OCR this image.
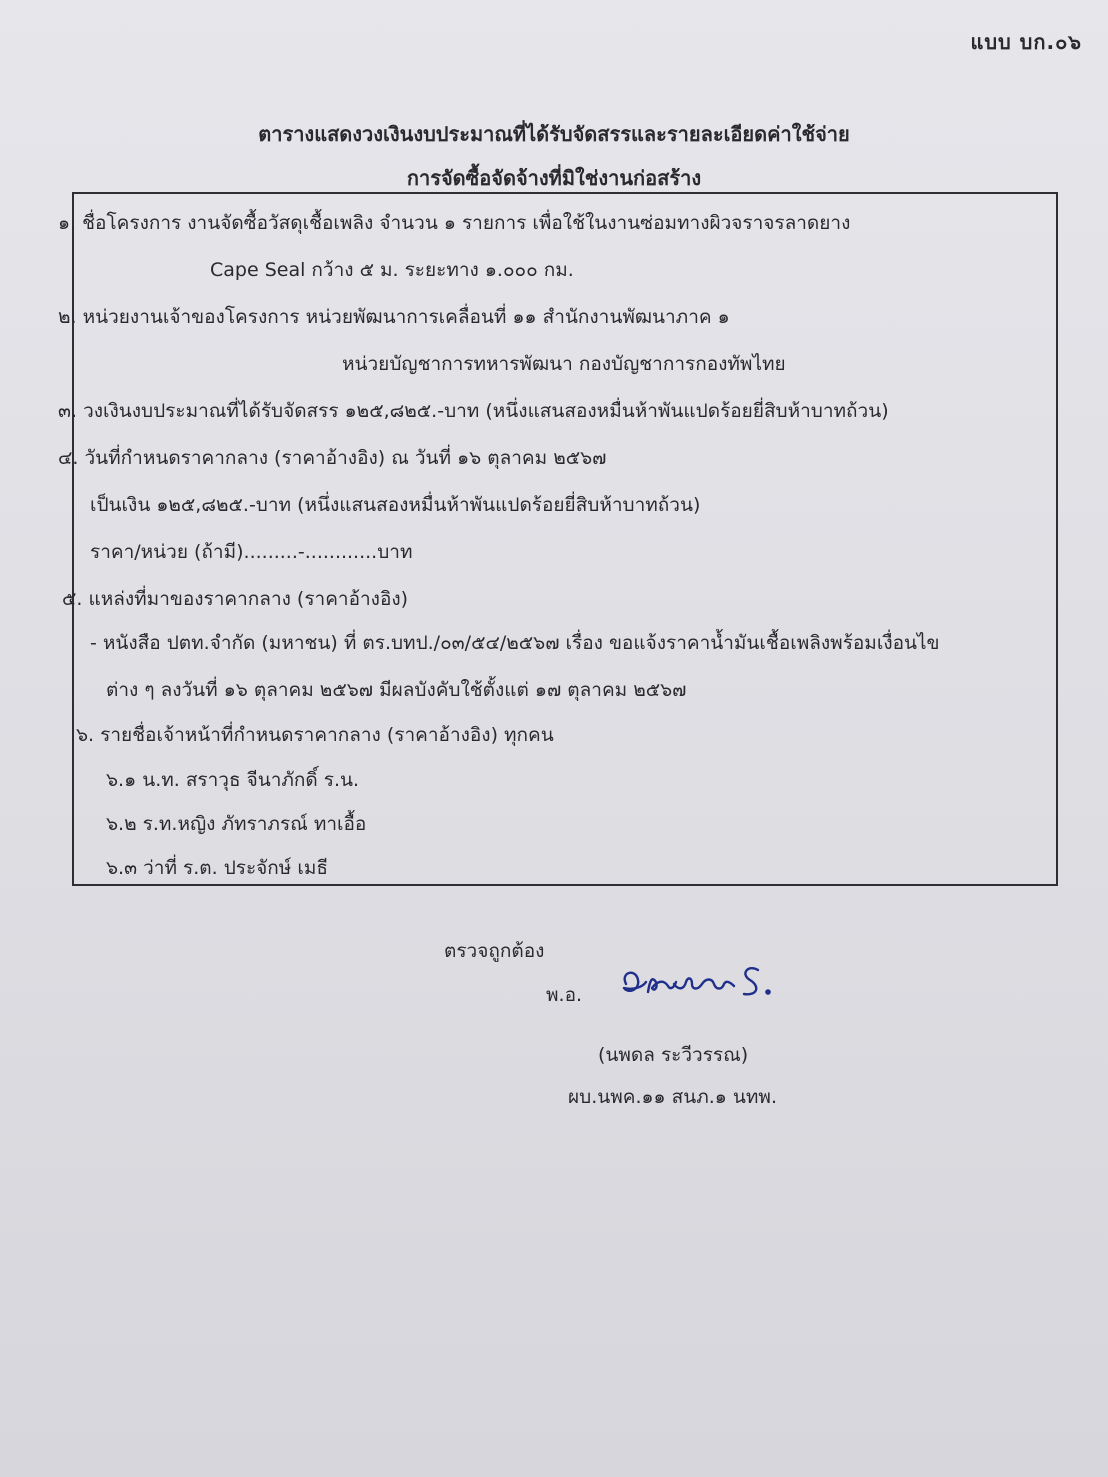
แบบ บก.๐๖
ตารางแสดงวงเงินงบประมาณที่ได้รับจัดสรรและรายละเอียดค่าใช้จ่าย
การจัดซื้อจัดจ้างที่มิใช่งานก่อสร้าง
๑. ชื่อโครงการ งานจัดซื้อวัสดุเชื้อเพลิง จำนวน ๑ รายการ เพื่อใช้ในงานซ่อมทางผิวจราจรลาดยาง
Cape Seal กว้าง ๕ ม. ระยะทาง ๑.๐๐๐ กม.
๒. หน่วยงานเจ้าของโครงการ หน่วยพัฒนาการเคลื่อนที่ ๑๑ สำนักงานพัฒนาภาค ๑
หน่วยบัญชาการทหารพัฒนา กองบัญชาการกองทัพไทย
๓. วงเงินงบประมาณที่ได้รับจัดสรร ๑๒๕,๘๒๕.-บาท (หนึ่งแสนสองหมื่นห้าพันแปดร้อยยี่สิบห้าบาทถ้วน)
๔. วันที่กำหนดราคากลาง (ราคาอ้างอิง) ณ วันที่ ๑๖ ตุลาคม ๒๕๖๗
เป็นเงิน ๑๒๕,๘๒๕.-บาท (หนึ่งแสนสองหมื่นห้าพันแปดร้อยยี่สิบห้าบาทถ้วน)
ราคา/หน่วย (ถ้ามี).........-............บาท
๕. แหล่งที่มาของราคากลาง (ราคาอ้างอิง)
- หนังสือ ปตท.จำกัด (มหาชน) ที่ ตร.บทป./๐๓/๕๔/๒๕๖๗ เรื่อง ขอแจ้งราคาน้ำมันเชื้อเพลิงพร้อมเงื่อนไข
ต่าง ๆ ลงวันที่ ๑๖ ตุลาคม ๒๕๖๗ มีผลบังคับใช้ตั้งแต่ ๑๗ ตุลาคม ๒๕๖๗
๖. รายชื่อเจ้าหน้าที่กำหนดราคากลาง (ราคาอ้างอิง) ทุกคน
๖.๑ น.ท. สราวุธ จีนาภักดิ์ ร.น.
๖.๒ ร.ท.หญิง ภัทราภรณ์ ทาเอื้อ
๖.๓ ว่าที่ ร.ต. ประจักษ์ เมธี
ตรวจถูกต้อง
พ.อ.
(นพดล ระวีวรรณ)
ผบ.นพค.๑๑ สนภ.๑ นทพ.
